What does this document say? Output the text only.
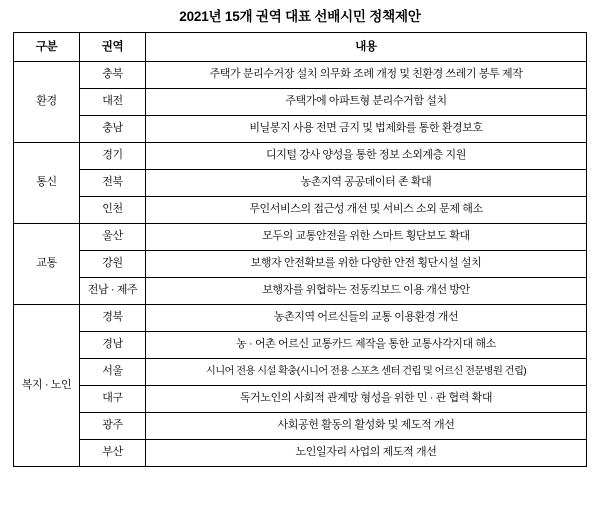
2021년 15개 권역 대표 선배시민 정책제안
구분	권역	내용
환경	충북	주택가 분리수거장 설치 의무화 조례 개정 및 친환경 쓰레기 봉투 제작
	대전	주택가에 아파트형 분리수거함 설치
	충남	비닐봉지 사용 전면 금지 및 법제화를 통한 환경보호
통신	경기	디지털 강사 양성을 통한 정보 소외계층 지원
	전북	농촌지역 공공데이터 존 확대
	인천	무인서비스의 접근성 개선 및 서비스 소외 문제 해소
교통	울산	모두의 교통안전을 위한 스마트 횡단보도 확대
	강원	보행자 안전확보를 위한 다양한 안전 횡단시설 설치
	전남 · 제주	보행자를 위협하는 전동킥보드 이용 개선 방안
복지 · 노인	경북	농촌지역 어르신들의 교통 이용환경 개선
	경남	농 · 어촌 어르신 교통카드 제작을 통한 교통사각지대 해소
	서울	시니어 전용 시설 확충(시니어 전용 스포츠 센터 건립 및 어르신 전문병원 건립)
	대구	독거노인의 사회적 관계망 형성을 위한 민 · 관 협력 확대
	광주	사회공헌 활동의 활성화 및 제도적 개선
	부산	노인일자리 사업의 제도적 개선
